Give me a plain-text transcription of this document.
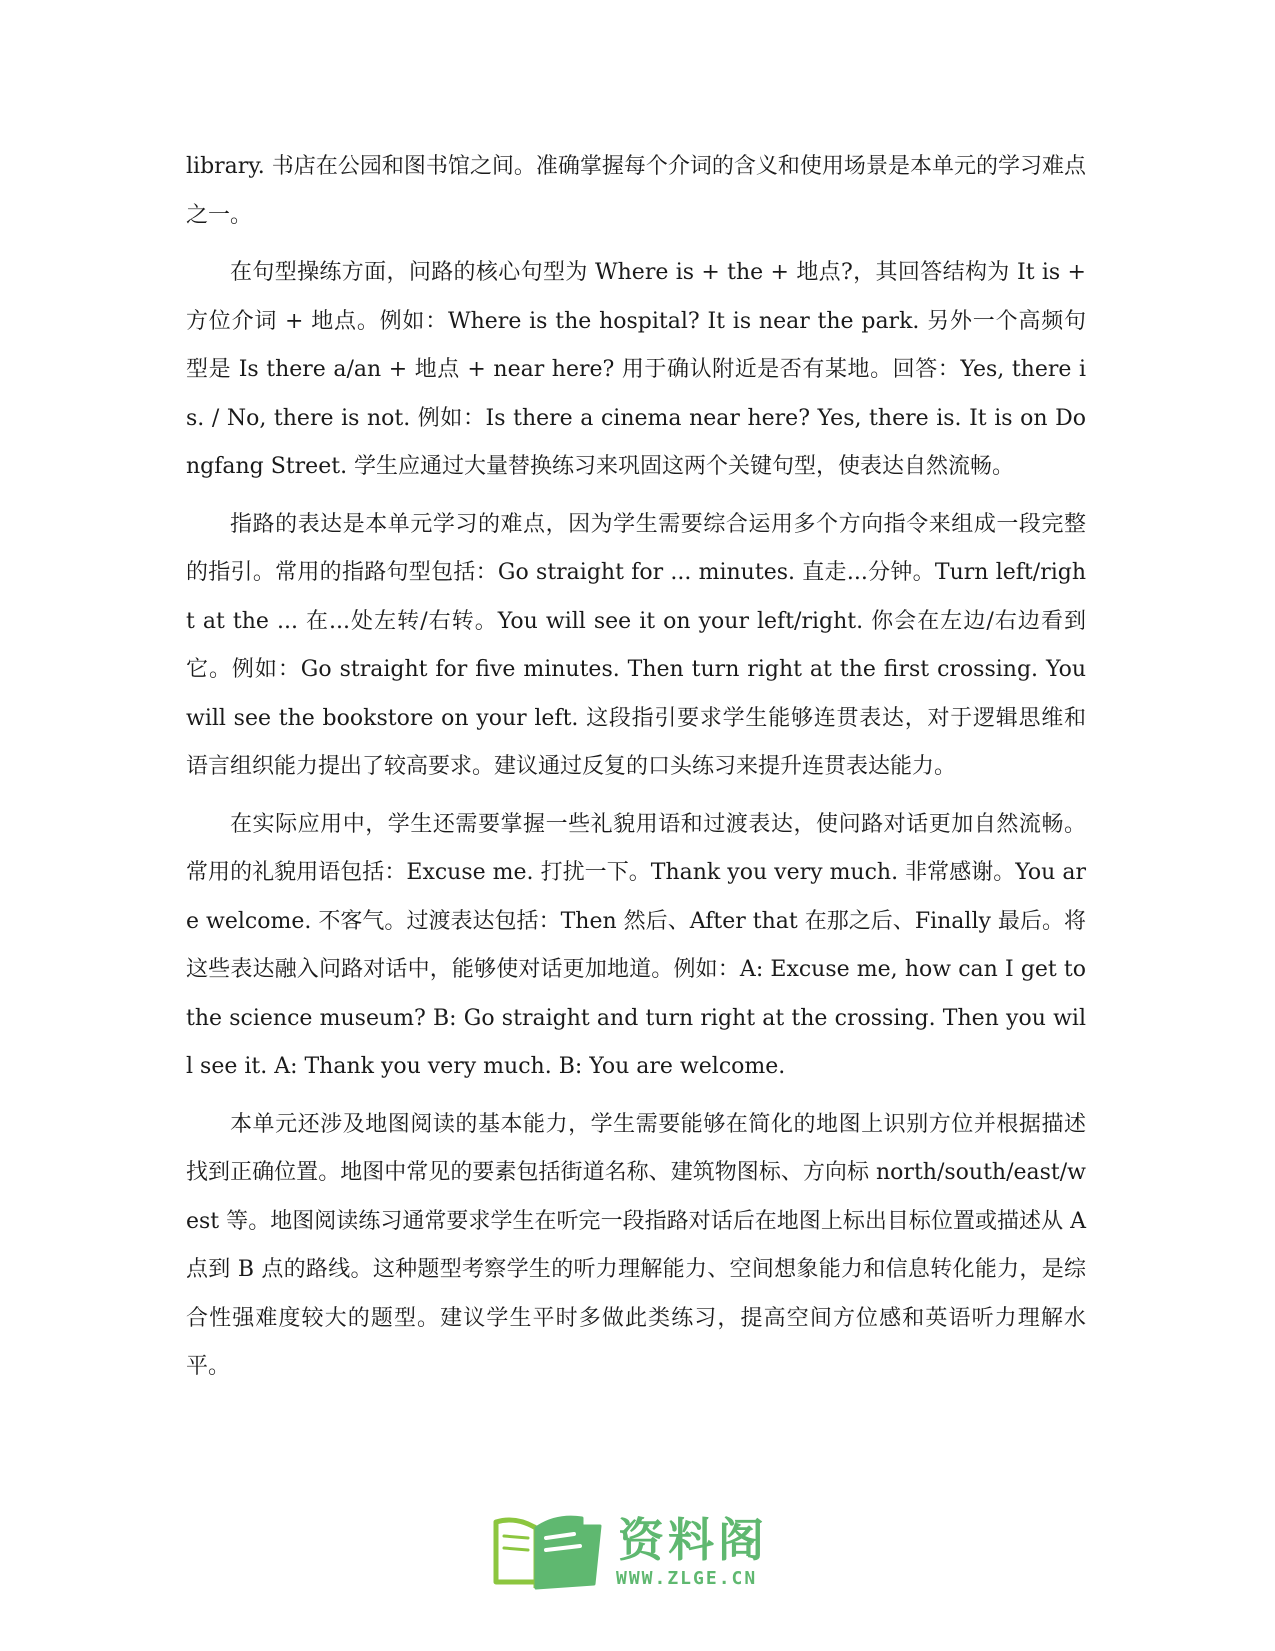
library. 书店在公园和图书馆之间。准确掌握每个介词的含义和使用场景是本单元的学习难点之一。

在句型操练方面，问路的核心句型为 Where is + the + 地点?，其回答结构为 It is + 方位介词 + 地点。例如：Where is the hospital? It is near the park. 另外一个高频句型是 Is there a/an + 地点 + near here? 用于确认附近是否有某地。回答：Yes, there is. / No, there is not. 例如：Is there a cinema near here? Yes, there is. It is on Dongfang Street. 学生应通过大量替换练习来巩固这两个关键句型，使表达自然流畅。

指路的表达是本单元学习的难点，因为学生需要综合运用多个方向指令来组成一段完整的指引。常用的指路句型包括：Go straight for ... minutes. 直走...分钟。Turn left/right at the ... 在...处左转/右转。You will see it on your left/right. 你会在左边/右边看到它。例如：Go straight for five minutes. Then turn right at the first crossing. You will see the bookstore on your left. 这段指引要求学生能够连贯表达，对于逻辑思维和语言组织能力提出了较高要求。建议通过反复的口头练习来提升连贯表达能力。

在实际应用中，学生还需要掌握一些礼貌用语和过渡表达，使问路对话更加自然流畅。常用的礼貌用语包括：Excuse me. 打扰一下。Thank you very much. 非常感谢。You are welcome. 不客气。过渡表达包括：Then 然后、After that 在那之后、Finally 最后。将这些表达融入问路对话中，能够使对话更加地道。例如：A: Excuse me, how can I get to the science museum? B: Go straight and turn right at the crossing. Then you will see it. A: Thank you very much. B: You are welcome.

本单元还涉及地图阅读的基本能力，学生需要能够在简化的地图上识别方位并根据描述找到正确位置。地图中常见的要素包括街道名称、建筑物图标、方向标 north/south/east/west 等。地图阅读练习通常要求学生在听完一段指路对话后在地图上标出目标位置或描述从 A 点到 B 点的路线。这种题型考察学生的听力理解能力、空间想象能力和信息转化能力，是综合性强难度较大的题型。建议学生平时多做此类练习，提高空间方位感和英语听力理解水平。

资料阁
WWW.ZLGE.CN
